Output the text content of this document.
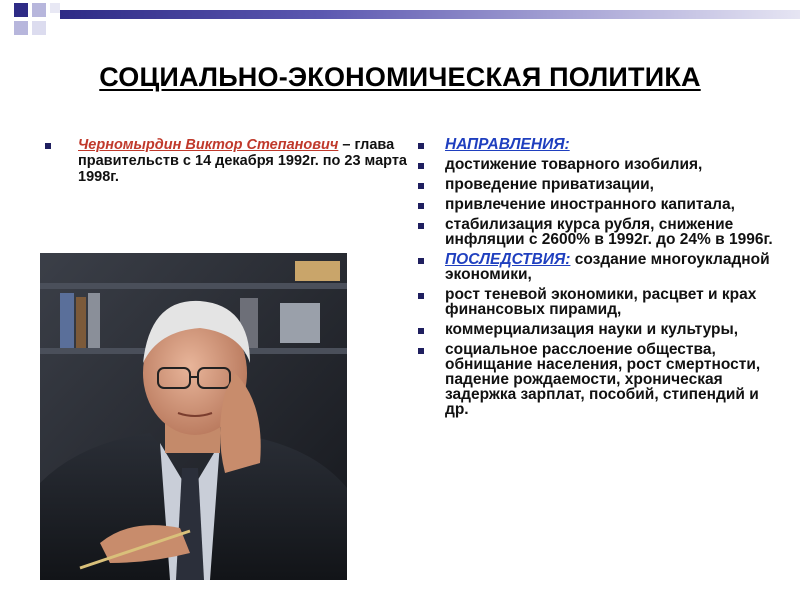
СОЦИАЛЬНО-ЭКОНОМИЧЕСКАЯ ПОЛИТИКА
Черномырдин Виктор Степанович – глава правительств с 14 декабря 1992г. по 23 марта 1998г.
НАПРАВЛЕНИЯ:
достижение товарного изобилия,
проведение приватизации,
привлечение иностранного капитала,
стабилизация курса рубля, снижение инфляции с 2600% в 1992г. до 24% в 1996г.
ПОСЛЕДСТВИЯ: создание многоукладной экономики,
рост теневой экономики, расцвет и крах финансовых пирамид,
коммерциализация науки и культуры,
социальное расслоение общества, обнищание населения, рост смертности, падение рождаемости, хроническая задержка зарплат, пособий, стипендий и др.
